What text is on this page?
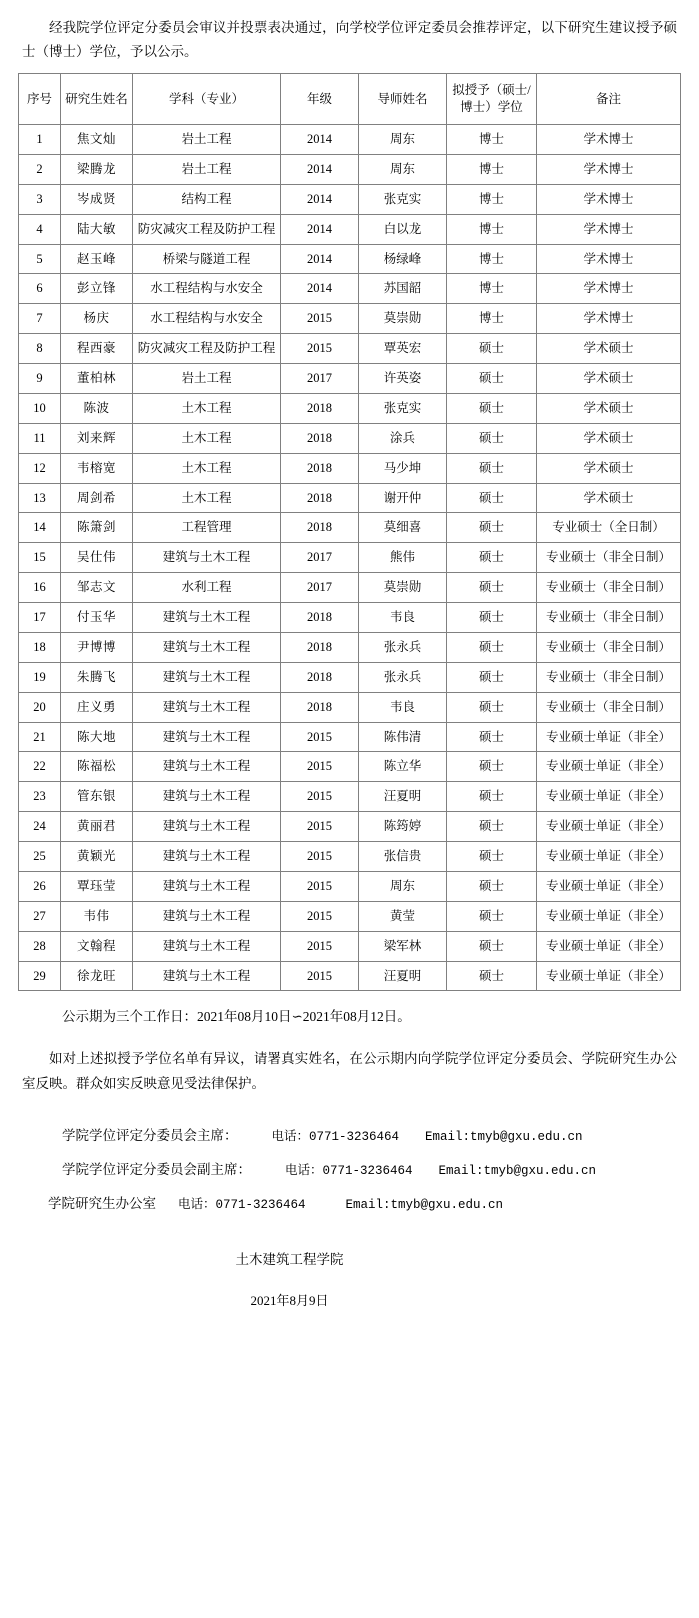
经我院学位评定分委员会审议并投票表决通过，向学校学位评定委员会推荐评定，以下研究生建议授予硕士（博士）学位，予以公示。

序号	研究生姓名	学科（专业）	年级	导师姓名	拟授予（硕士/博士）学位	备注
1	焦文灿	岩土工程	2014	周东	博士	学术博士
2	梁腾龙	岩土工程	2014	周东	博士	学术博士
3	岑成贤	结构工程	2014	张克实	博士	学术博士
4	陆大敏	防灾减灾工程及防护工程	2014	白以龙	博士	学术博士
5	赵玉峰	桥梁与隧道工程	2014	杨绿峰	博士	学术博士
6	彭立锋	水工程结构与水安全	2014	苏国韶	博士	学术博士
7	杨庆	水工程结构与水安全	2015	莫崇勋	博士	学术博士
8	程西豪	防灾减灾工程及防护工程	2015	覃英宏	硕士	学术硕士
9	董柏林	岩土工程	2017	许英姿	硕士	学术硕士
10	陈波	土木工程	2018	张克实	硕士	学术硕士
11	刘来辉	土木工程	2018	涂兵	硕士	学术硕士
12	韦榕宽	土木工程	2018	马少坤	硕士	学术硕士
13	周剑希	土木工程	2018	谢开仲	硕士	学术硕士
14	陈箫剑	工程管理	2018	莫细喜	硕士	专业硕士（全日制）
15	吴仕伟	建筑与土木工程	2017	熊伟	硕士	专业硕士（非全日制）
16	邹志文	水利工程	2017	莫崇勋	硕士	专业硕士（非全日制）
17	付玉华	建筑与土木工程	2018	韦良	硕士	专业硕士（非全日制）
18	尹博博	建筑与土木工程	2018	张永兵	硕士	专业硕士（非全日制）
19	朱腾飞	建筑与土木工程	2018	张永兵	硕士	专业硕士（非全日制）
20	庄义勇	建筑与土木工程	2018	韦良	硕士	专业硕士（非全日制）
21	陈大地	建筑与土木工程	2015	陈伟清	硕士	专业硕士单证（非全）
22	陈福松	建筑与土木工程	2015	陈立华	硕士	专业硕士单证（非全）
23	管东银	建筑与土木工程	2015	汪夏明	硕士	专业硕士单证（非全）
24	黄丽君	建筑与土木工程	2015	陈筠婷	硕士	专业硕士单证（非全）
25	黄颖光	建筑与土木工程	2015	张信贵	硕士	专业硕士单证（非全）
26	覃珏莹	建筑与土木工程	2015	周东	硕士	专业硕士单证（非全）
27	韦伟	建筑与土木工程	2015	黄莹	硕士	专业硕士单证（非全）
28	文翰程	建筑与土木工程	2015	梁军林	硕士	专业硕士单证（非全）
29	徐龙旺	建筑与土木工程	2015	汪夏明	硕士	专业硕士单证（非全）

公示期为三个工作日：2021年08月10日∽2021年08月12日。

如对上述拟授予学位名单有异议，请署真实姓名，在公示期内向学院学位评定分委员会、学院研究生办公室反映。群众如实反映意见受法律保护。

学院学位评定分委员会主席：	电话：0771-3236464	Email:tmyb@gxu.edu.cn
学院学位评定分委员会副主席：	电话：0771-3236464	Email:tmyb@gxu.edu.cn
学院研究生办公室	电话：0771-3236464	Email:tmyb@gxu.edu.cn
土木建筑工程学院
2021年8月9日
